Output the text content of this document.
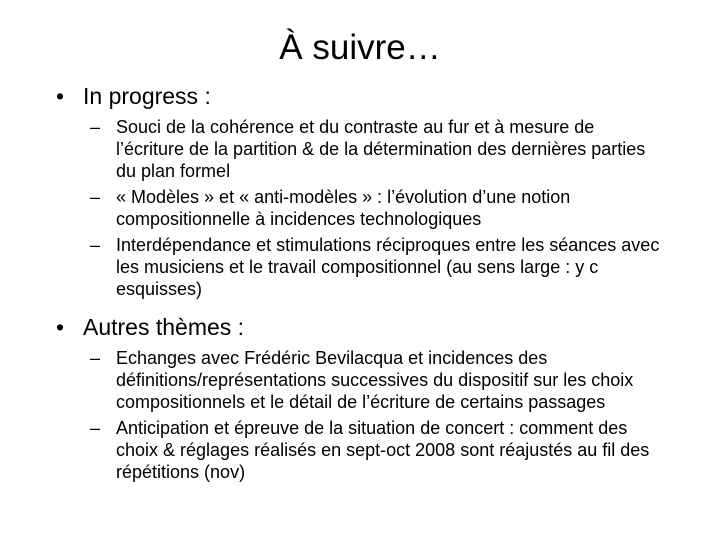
À suivre…
• In progress :
– Souci de la cohérence et du contraste au fur et à mesure de l’écriture de la partition & de la détermination des dernières parties du plan formel
– « Modèles » et « anti-modèles » : l’évolution d’une notion compositionnelle à incidences technologiques
– Interdépendance et stimulations réciproques entre les séances avec les musiciens et le travail compositionnel (au sens large : y c esquisses)
• Autres thèmes :
– Echanges avec Frédéric Bevilacqua et incidences des définitions/représentations successives du dispositif sur les choix compositionnels et le détail de l’écriture de certains passages
– Anticipation et épreuve de la situation de concert : comment des choix & réglages réalisés en sept-oct 2008 sont réajustés au fil des répétitions (nov)
